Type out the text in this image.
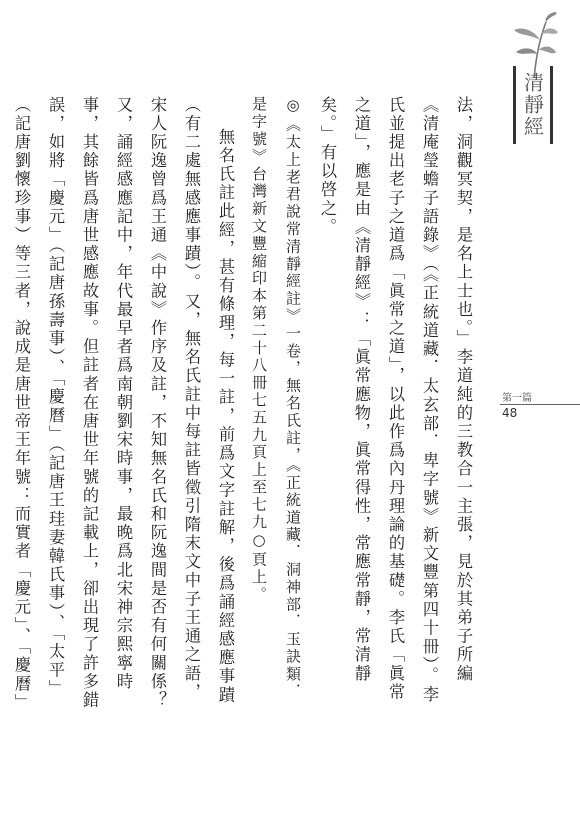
清靜經

法，洞觀冥契，是名上士也。」李道純的三教合一主張，見於其弟子所編《清庵瑩蟾子語錄》（《正統道藏．太玄部．卑字號》新文豐第四十冊）。李氏並提出老子之道爲「眞常之道」，以此作爲內丹理論的基礎。李氏「眞常之道」，應是由《清靜經》：「眞常應物，眞常得性，常應常靜，常清靜矣。」有以啓之。

◎《太上老君說常清靜經註》一卷，無名氏註，《正統道藏．洞神部．玉訣類．是字號》台灣新文豐縮印本第二十八冊七五九頁上至七九○頁上。

無名氏註此經，甚有條理，每一註，前爲文字註解，後爲誦經感應事蹟（有二處無感應事蹟）。又，無名氏註中每註皆徵引隋末文中子王通之語，宋人阮逸曾爲王通《中說》作序及註，不知無名氏和阮逸間是否有何關係？又，誦經感應記中，年代最早者爲南朝劉宋時事，最晚爲北宋神宗熙寧時事，其餘皆爲唐世感應故事。但註者在唐世年號的記載上，卻出現了許多錯誤，如將「慶元」（記唐孫壽事）、「慶曆」（記唐王珪妻韓氏事）、「太平」（記唐劉懷珍事）等三者，說成是唐世帝王年號：而實者「慶元」、「慶曆」

第一篇
48
